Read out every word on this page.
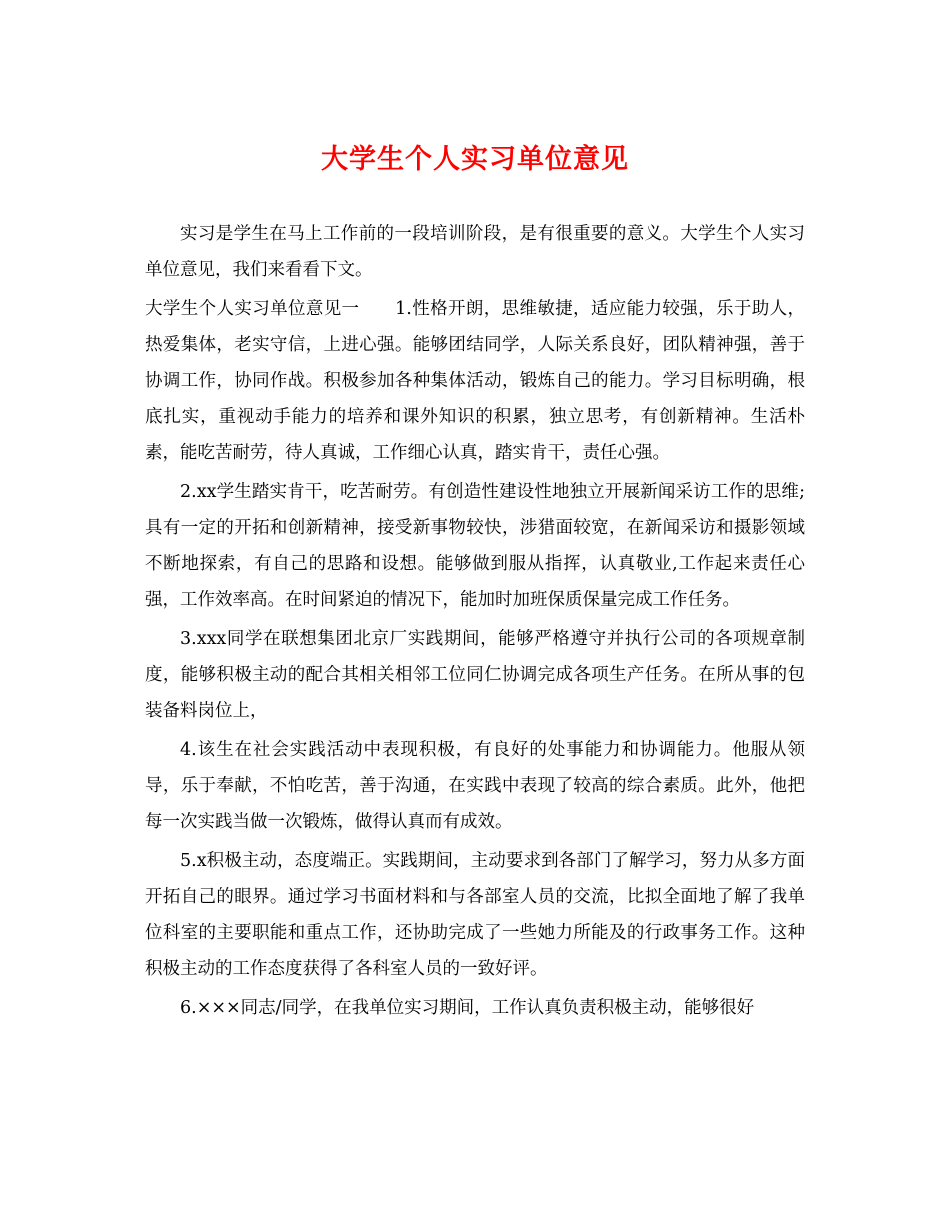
大学生个人实习单位意见

实习是学生在马上工作前的一段培训阶段，是有很重要的意义。大学生个人实习单位意见，我们来看看下文。

大学生个人实习单位意见一　　1.性格开朗，思维敏捷，适应能力较强，乐于助人，热爱集体，老实守信，上进心强。能够团结同学，人际关系良好，团队精神强，善于协调工作，协同作战。积极参加各种集体活动，锻炼自己的能力。学习目标明确，根底扎实，重视动手能力的培养和课外知识的积累，独立思考，有创新精神。生活朴素，能吃苦耐劳，待人真诚，工作细心认真，踏实肯干，责任心强。

2.xx学生踏实肯干，吃苦耐劳。有创造性建设性地独立开展新闻采访工作的思维;具有一定的开拓和创新精神，接受新事物较快，涉猎面较宽，在新闻采访和摄影领域不断地探索，有自己的思路和设想。能够做到服从指挥，认真敬业,工作起来责任心强，工作效率高。在时间紧迫的情况下，能加时加班保质保量完成工作任务。

3.xxx同学在联想集团北京厂实践期间，能够严格遵守并执行公司的各项规章制度，能够积极主动的配合其相关相邻工位同仁协调完成各项生产任务。在所从事的包装备料岗位上，

4.该生在社会实践活动中表现积极，有良好的处事能力和协调能力。他服从领导，乐于奉献，不怕吃苦，善于沟通，在实践中表现了较高的综合素质。此外，他把每一次实践当做一次锻炼，做得认真而有成效。

5.x积极主动，态度端正。实践期间，主动要求到各部门了解学习，努力从多方面开拓自己的眼界。通过学习书面材料和与各部室人员的交流，比拟全面地了解了我单位科室的主要职能和重点工作，还协助完成了一些她力所能及的行政事务工作。这种积极主动的工作态度获得了各科室人员的一致好评。

6.×××同志/同学，在我单位实习期间，工作认真负责积极主动，能够很好
